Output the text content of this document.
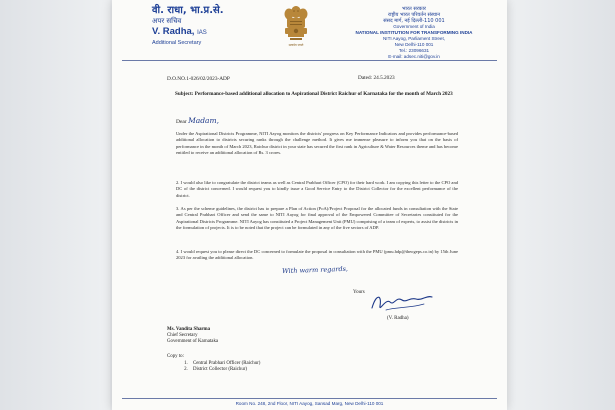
वी. राधा, भा.प्र.से.
अपर सचिव
V. Radha, IAS
Additional Secretary	सत्यमेव जयते
भारत सरकार
राष्ट्रीय भारत परिवर्तन संस्थान
संसद मार्ग, नई दिल्ली-110 001
Government of India
NATIONAL INSTITUTION FOR TRANSFORMING INDIA
NITI Aayog, Parliament Street,
New Delhi-110 001
Tel.: 23096631
E-mail: adsec.niti@gov.in
D.O.NO.1-026/02/2023-ADP	Dated: 24.5.2023
Subject: Performance-based additional allocation to Aspirational District Raichur of Karnataka for the month of March 2023
Dear Madam,

Under the Aspirational Districts Programme, NITI Aayog monitors the districts' progress on Key Performance Indicators and provides performance-based additional allocation to districts securing ranks through the challenge method. It gives me immense pleasure to inform you that on the basis of performance in the month of March 2023, Raichur district in your state has secured the first rank in Agriculture & Water Resources theme and has become entitled to receive an additional allocation of Rs. 3 crores.

2. I would also like to congratulate the district teams as well as Central Prabhari Officer (CPO) for their hard work. I am copying this letter to the CPO and DC of the district concerned. I would request you to kindly issue a Good Service Entry to the District Collector for the excellent performance of the district.

3. As per the scheme guidelines, the district has to prepare a Plan of Action (PoA)/Project Proposal for the allocated funds in consultation with the State and Central Prabhari Officer and send the same to NITI Aayog for final approval of the Empowered Committee of Secretaries constituted for the Aspirational Districts Programme. NITI Aayog has constituted a Project Management Unit (PMU) comprising of a team of experts, to assist the districts in the formulation of projects. It is to be noted that the project can be formulated in any of the five sectors of ADP.

4. I would request you to please direct the DC concerned to formulate the proposal in consultation with the PMU (pmu.hdp@theogeps.co.in) by 15th June 2023 for availing the additional allocation.

With warm regards,
Yours
(V. Radha)
Ms. Vandita Sharma
Chief Secretary
Government of Karnataka
Copy to:
1. Central Prabhari Officer (Raichur)
2. District Collector (Raichur)
Room No. 248, 2nd Floor, NITI Aayog, Sansad Marg, New Delhi-110 001
